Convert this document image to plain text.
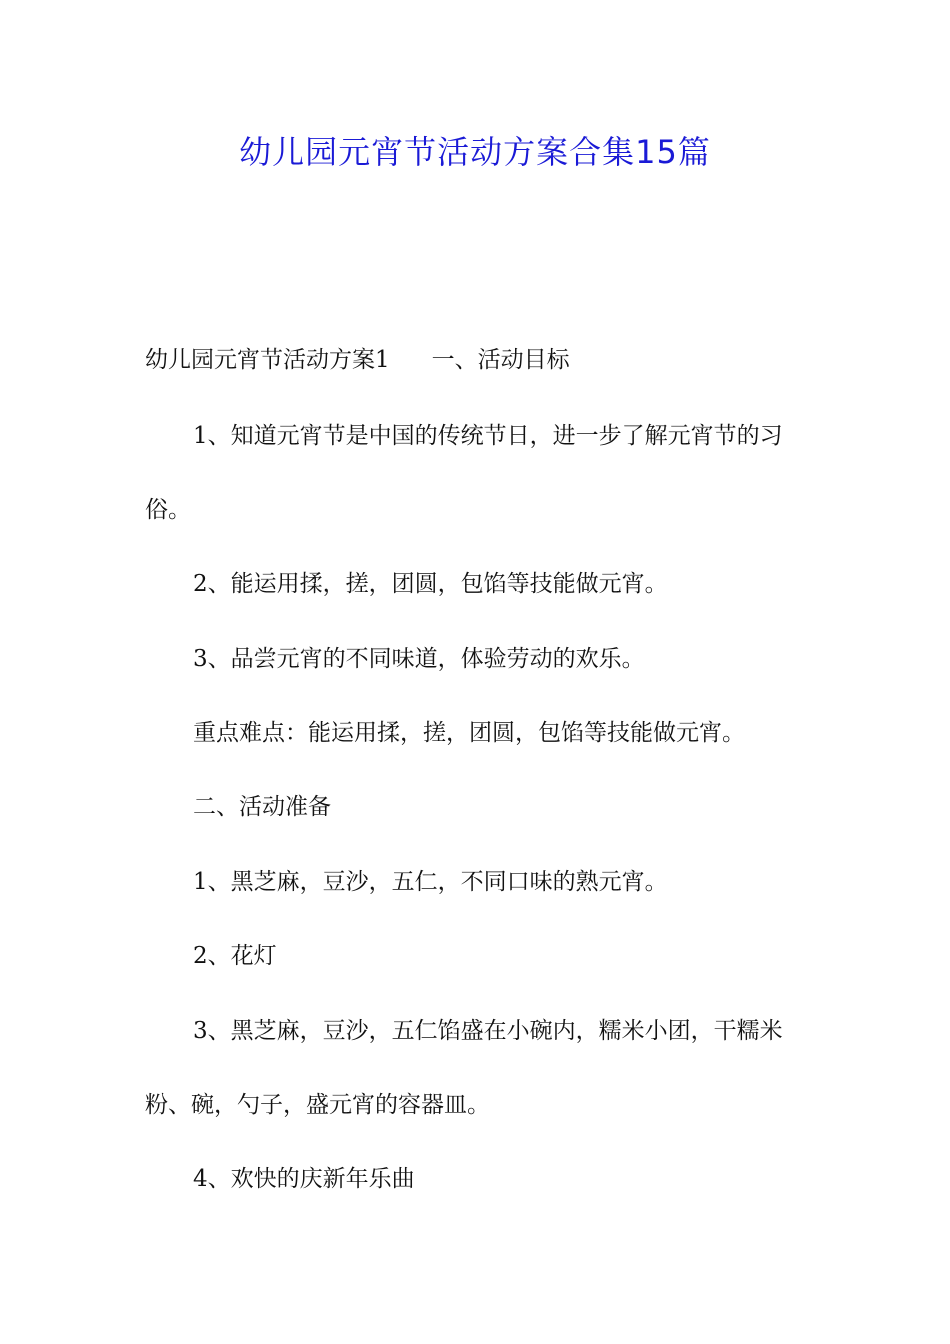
幼儿园元宵节活动方案合集15篇
幼儿园元宵节活动方案1 一、活动目标
1、知道元宵节是中国的传统节日，进一步了解元宵节的习
俗。
2、能运用揉，搓，团圆，包馅等技能做元宵。
3、品尝元宵的不同味道，体验劳动的欢乐。
重点难点：能运用揉，搓，团圆，包馅等技能做元宵。
二、活动准备
1、黑芝麻，豆沙，五仁，不同口味的熟元宵。
2、花灯
3、黑芝麻，豆沙，五仁馅盛在小碗内，糯米小团，干糯米
粉、碗，勺子，盛元宵的容器皿。
4、欢快的庆新年乐曲
